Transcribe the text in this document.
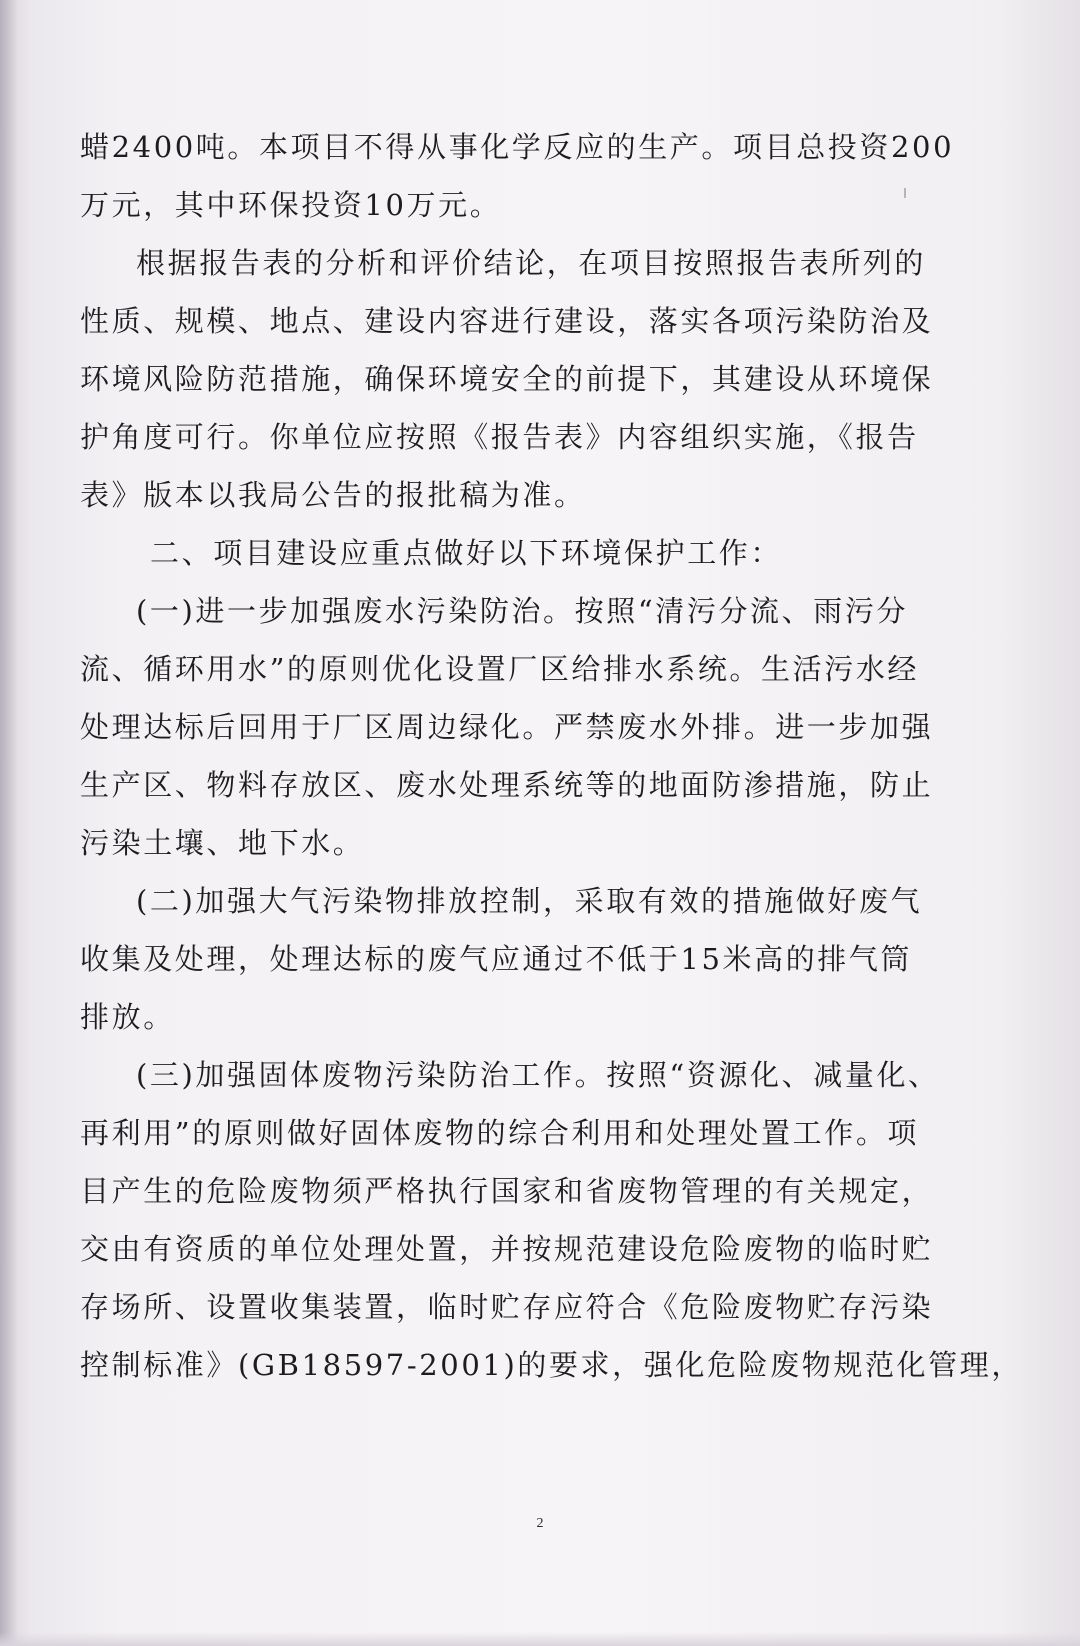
蜡2400吨。本项目不得从事化学反应的生产。项目总投资200
万元，其中环保投资10万元。
根据报告表的分析和评价结论，在项目按照报告表所列的
性质、规模、地点、建设内容进行建设，落实各项污染防治及
环境风险防范措施，确保环境安全的前提下，其建设从环境保
护角度可行。你单位应按照《报告表》内容组织实施，《报告
表》版本以我局公告的报批稿为准。
二、项目建设应重点做好以下环境保护工作：
(一)进一步加强废水污染防治。按照“清污分流、雨污分
流、循环用水”的原则优化设置厂区给排水系统。生活污水经
处理达标后回用于厂区周边绿化。严禁废水外排。进一步加强
生产区、物料存放区、废水处理系统等的地面防渗措施，防止
污染土壤、地下水。
(二)加强大气污染物排放控制，采取有效的措施做好废气
收集及处理，处理达标的废气应通过不低于15米高的排气筒
排放。
(三)加强固体废物污染防治工作。按照“资源化、减量化、
再利用”的原则做好固体废物的综合利用和处理处置工作。项
目产生的危险废物须严格执行国家和省废物管理的有关规定，
交由有资质的单位处理处置，并按规范建设危险废物的临时贮
存场所、设置收集装置，临时贮存应符合《危险废物贮存污染
控制标准》(GB18597-2001)的要求，强化危险废物规范化管理，
2
